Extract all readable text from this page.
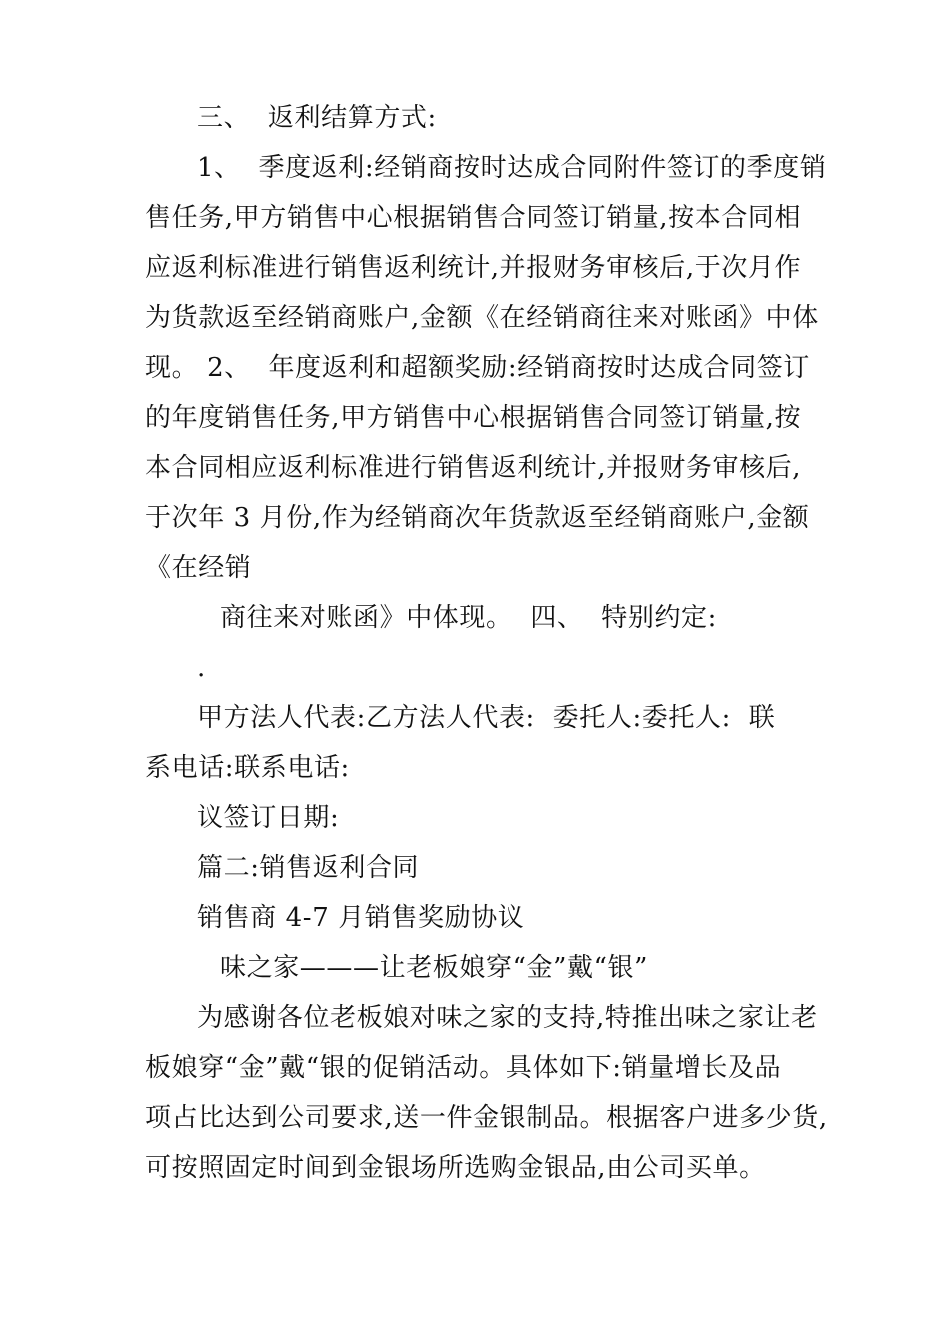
三、  返利结算方式:
1、  季度返利:经销商按时达成合同附件签订的季度销
售任务,甲方销售中心根据销售合同签订销量,按本合同相
应返利标准进行销售返利统计,并报财务审核后,于次月作
为货款返至经销商账户,金额《在经销商往来对账函》中体
现。 2、  年度返利和超额奖励:经销商按时达成合同签订
的年度销售任务,甲方销售中心根据销售合同签订销量,按
本合同相应返利标准进行销售返利统计,并报财务审核后,
于次年 3 月份,作为经销商次年货款返至经销商账户,金额
《在经销
商往来对账函》中体现。  四、  特别约定:
.
甲方法人代表:乙方法人代表:  委托人:委托人:  联
系电话:联系电话:
议签订日期:
篇二:销售返利合同
销售商 4-7 月销售奖励协议
味之家———让老板娘穿“金”戴“银”
为感谢各位老板娘对味之家的支持,特推出味之家让老
板娘穿“金”戴“银的促销活动。具体如下:销量增长及品
项占比达到公司要求,送一件金银制品。根据客户进多少货,
可按照固定时间到金银场所选购金银品,由公司买单。
